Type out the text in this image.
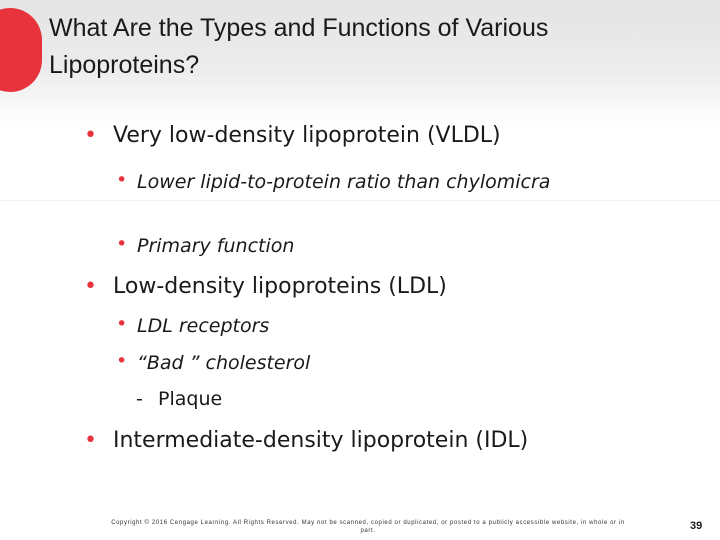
What Are the Types and Functions of Various Lipoproteins?
• Very low-density lipoprotein (VLDL)
• Lower lipid-to-protein ratio than chylomicra
• Primary function
• Low-density lipoproteins (LDL)
• LDL receptors
• “Bad ” cholesterol
- Plaque
• Intermediate-density lipoprotein (IDL)
Copyright © 2016 Cengage Learning. All Rights Reserved. May not be scanned, copied or duplicated, or posted to a publicly accessible website, in whole or in part.	39
